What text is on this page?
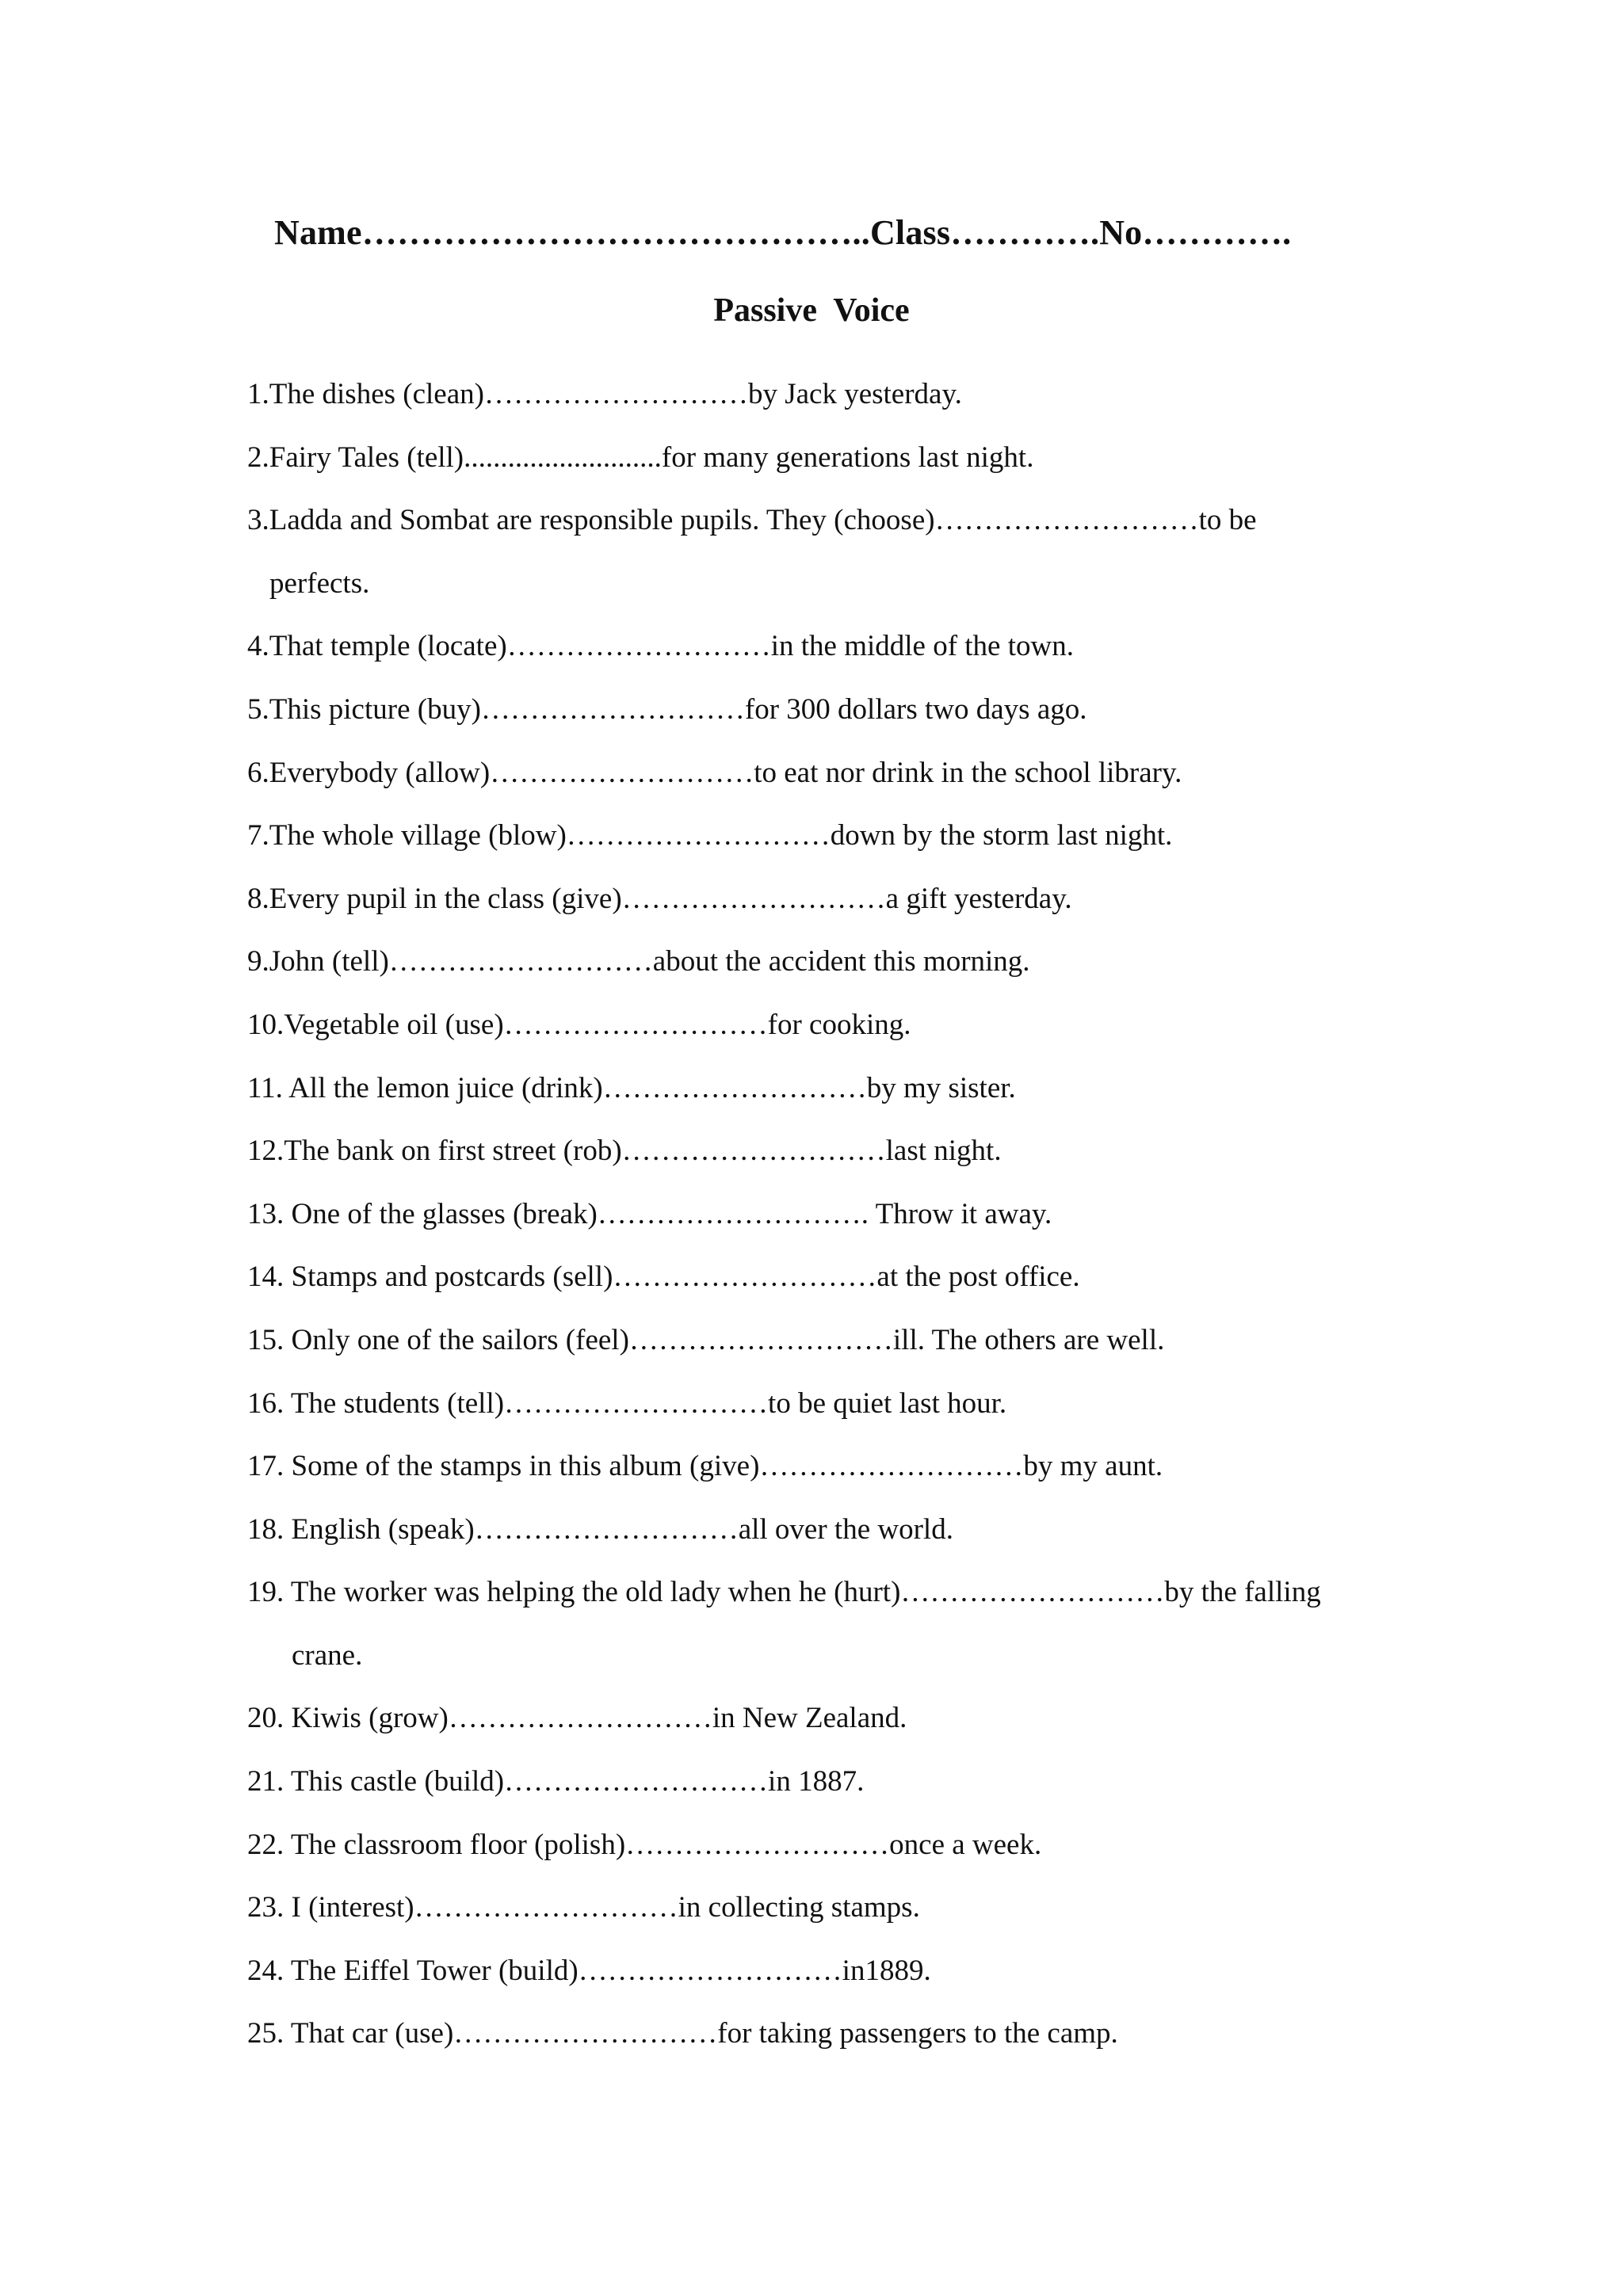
Name……………………………………..Class………….No………….
Passive  Voice
1.The dishes (clean)………………………by Jack yesterday.
2.Fairy Tales (tell)...........................for many generations last night.
3.Ladda and Sombat are responsible pupils. They (choose)………………………to be
perfects.
4.That temple (locate)………………………in the middle of the town.
5.This picture (buy)………………………for 300 dollars two days ago.
6.Everybody (allow)………………………to eat nor drink in the school library.
7.The whole village (blow)………………………down by the storm last night.
8.Every pupil in the class (give)………………………a gift yesterday.
9.John (tell)………………………about the accident this morning.
10.Vegetable oil (use)………………………for cooking.
11. All the lemon juice (drink)………………………by my sister.
12.The bank on first street (rob)………………………last night.
13. One of the glasses (break)………………………. Throw it away.
14. Stamps and postcards (sell)………………………at the post office.
15. Only one of the sailors (feel)………………………ill. The others are well.
16. The students (tell)………………………to be quiet last hour.
17. Some of the stamps in this album (give)………………………by my aunt.
18. English (speak)………………………all over the world.
19. The worker was helping the old lady when he (hurt)………………………by the falling
crane.
20. Kiwis (grow)………………………in New Zealand.
21. This castle (build)………………………in 1887.
22. The classroom floor (polish)………………………once a week.
23. I (interest)………………………in collecting stamps.
24. The Eiffel Tower (build)………………………in1889.
25. That car (use)………………………for taking passengers to the camp.
